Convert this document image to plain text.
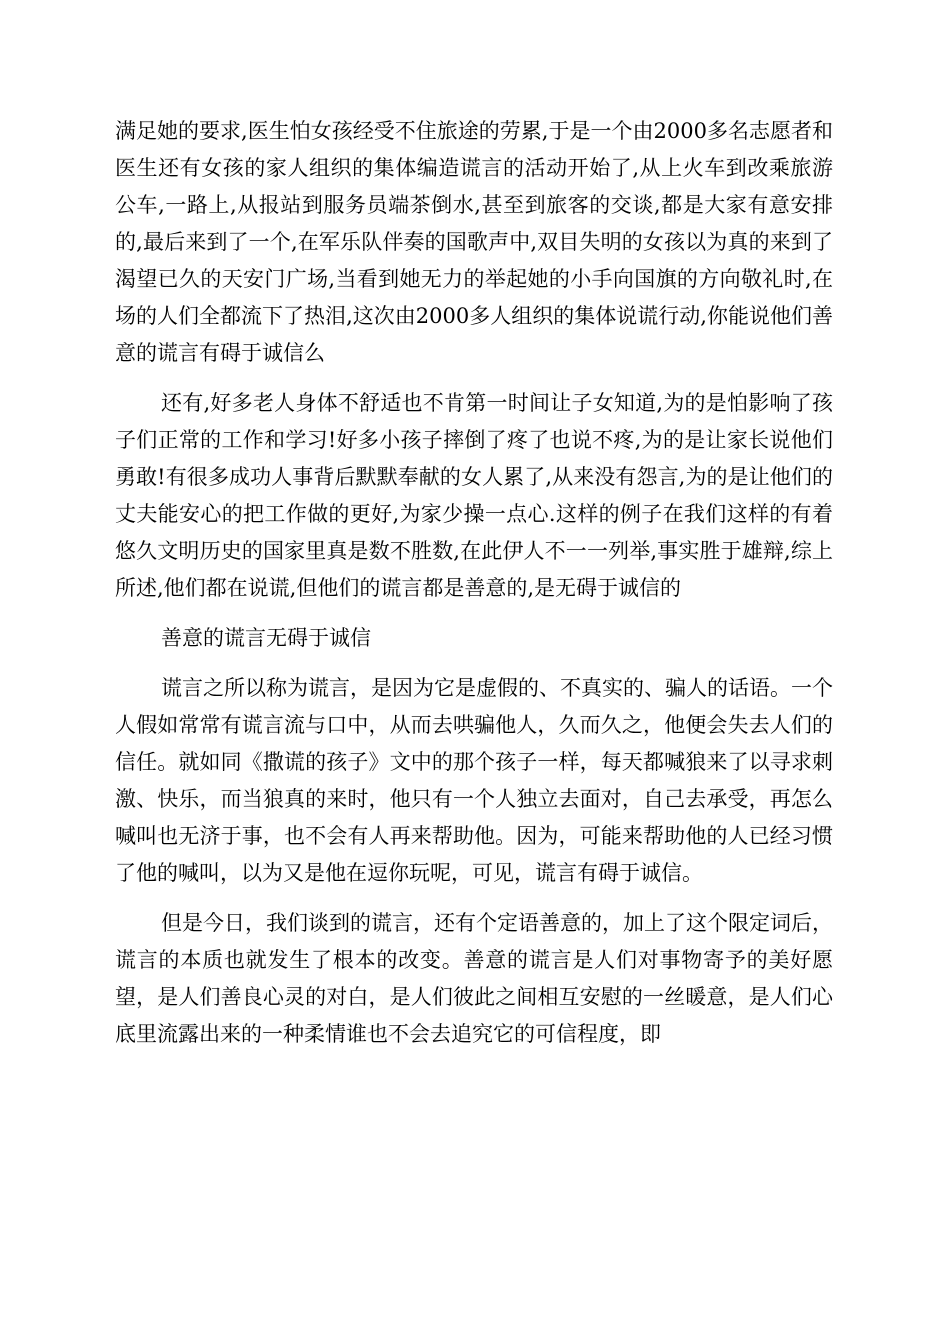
满足她的要求,医生怕女孩经受不住旅途的劳累,于是一个由2000多名志愿者和医生还有女孩的家人组织的集体编造谎言的活动开始了,从上火车到改乘旅游公车,一路上,从报站到服务员端茶倒水,甚至到旅客的交谈,都是大家有意安排的,最后来到了一个,在军乐队伴奏的国歌声中,双目失明的女孩以为真的来到了渴望已久的天安门广场,当看到她无力的举起她的小手向国旗的方向敬礼时,在场的人们全都流下了热泪,这次由2000多人组织的集体说谎行动,你能说他们善意的谎言有碍于诚信么

还有,好多老人身体不舒适也不肯第一时间让子女知道,为的是怕影响了孩子们正常的工作和学习!好多小孩子摔倒了疼了也说不疼,为的是让家长说他们勇敢!有很多成功人事背后默默奉献的女人累了,从来没有怨言,为的是让他们的丈夫能安心的把工作做的更好,为家少操一点心.这样的例子在我们这样的有着悠久文明历史的国家里真是数不胜数,在此伊人不一一列举,事实胜于雄辩,综上所述,他们都在说谎,但他们的谎言都是善意的,是无碍于诚信的

善意的谎言无碍于诚信

谎言之所以称为谎言，是因为它是虚假的、不真实的、骗人的话语。一个人假如常常有谎言流与口中，从而去哄骗他人，久而久之，他便会失去人们的信任。就如同《撒谎的孩子》文中的那个孩子一样，每天都喊狼来了以寻求刺激、快乐，而当狼真的来时，他只有一个人独立去面对，自己去承受，再怎么喊叫也无济于事，也不会有人再来帮助他。因为，可能来帮助他的人已经习惯了他的喊叫，以为又是他在逗你玩呢，可见，谎言有碍于诚信。

但是今日，我们谈到的谎言，还有个定语善意的，加上了这个限定词后，谎言的本质也就发生了根本的改变。善意的谎言是人们对事物寄予的美好愿望，是人们善良心灵的对白，是人们彼此之间相互安慰的一丝暖意，是人们心底里流露出来的一种柔情谁也不会去追究它的可信程度，即
